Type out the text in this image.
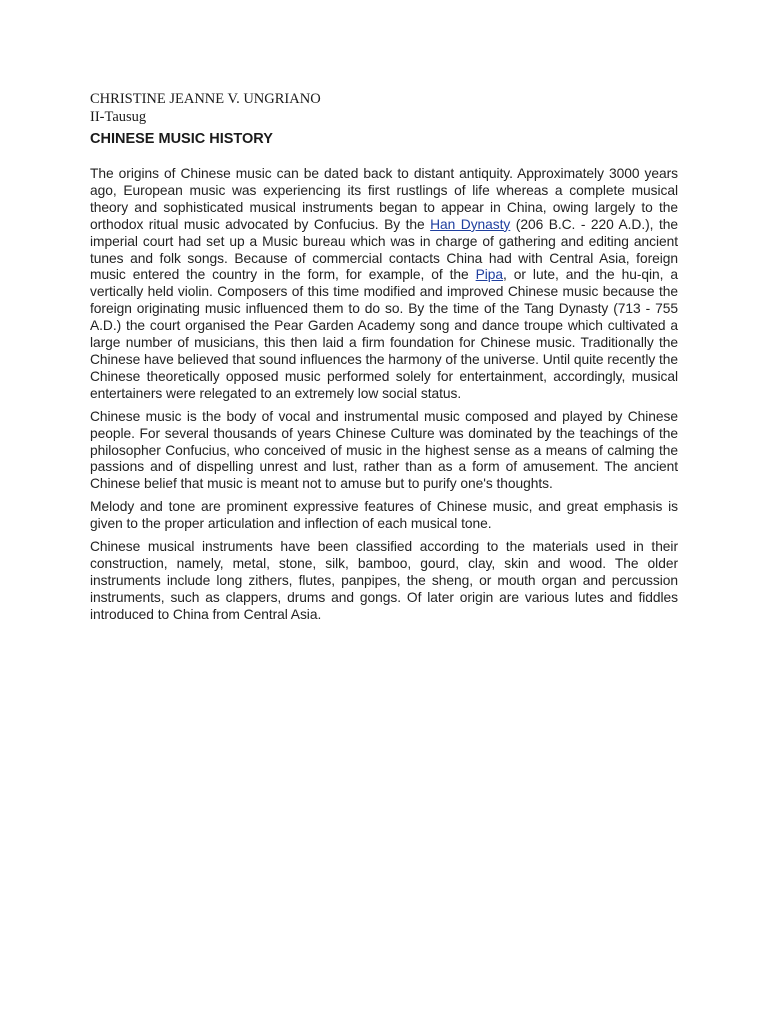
CHRISTINE JEANNE V. UNGRIANO

II-Tausug

CHINESE MUSIC HISTORY

The origins of Chinese music can be dated back to distant antiquity. Approximately 3000 years ago, European music was experiencing its first rustlings of life whereas a complete musical theory and sophisticated musical instruments began to appear in China, owing largely to the orthodox ritual music advocated by Confucius. By the Han Dynasty (206 B.C. - 220 A.D.), the imperial court had set up a Music bureau which was in charge of gathering and editing ancient tunes and folk songs. Because of commercial contacts China had with Central Asia, foreign music entered the country in the form, for example, of the Pipa, or lute, and the hu-qin, a vertically held violin. Composers of this time modified and improved Chinese music because the foreign originating music influenced them to do so. By the time of the Tang Dynasty (713 - 755 A.D.) the court organised the Pear Garden Academy song and dance troupe which cultivated a large number of musicians, this then laid a firm foundation for Chinese music. Traditionally the Chinese have believed that sound influences the harmony of the universe. Until quite recently the Chinese theoretically opposed music performed solely for entertainment, accordingly, musical entertainers were relegated to an extremely low social status.

Chinese music is the body of vocal and instrumental music composed and played by Chinese people. For several thousands of years Chinese Culture was dominated by the teachings of the philosopher Confucius, who conceived of music in the highest sense as a means of calming the passions and of dispelling unrest and lust, rather than as a form of amusement. The ancient Chinese belief that music is meant not to amuse but to purify one's thoughts.

Melody and tone are prominent expressive features of Chinese music, and great emphasis is given to the proper articulation and inflection of each musical tone.

Chinese musical instruments have been classified according to the materials used in their construction, namely, metal, stone, silk, bamboo, gourd, clay, skin and wood. The older instruments include long zithers, flutes, panpipes, the sheng, or mouth organ and percussion instruments, such as clappers, drums and gongs. Of later origin are various lutes and fiddles introduced to China from Central Asia.
